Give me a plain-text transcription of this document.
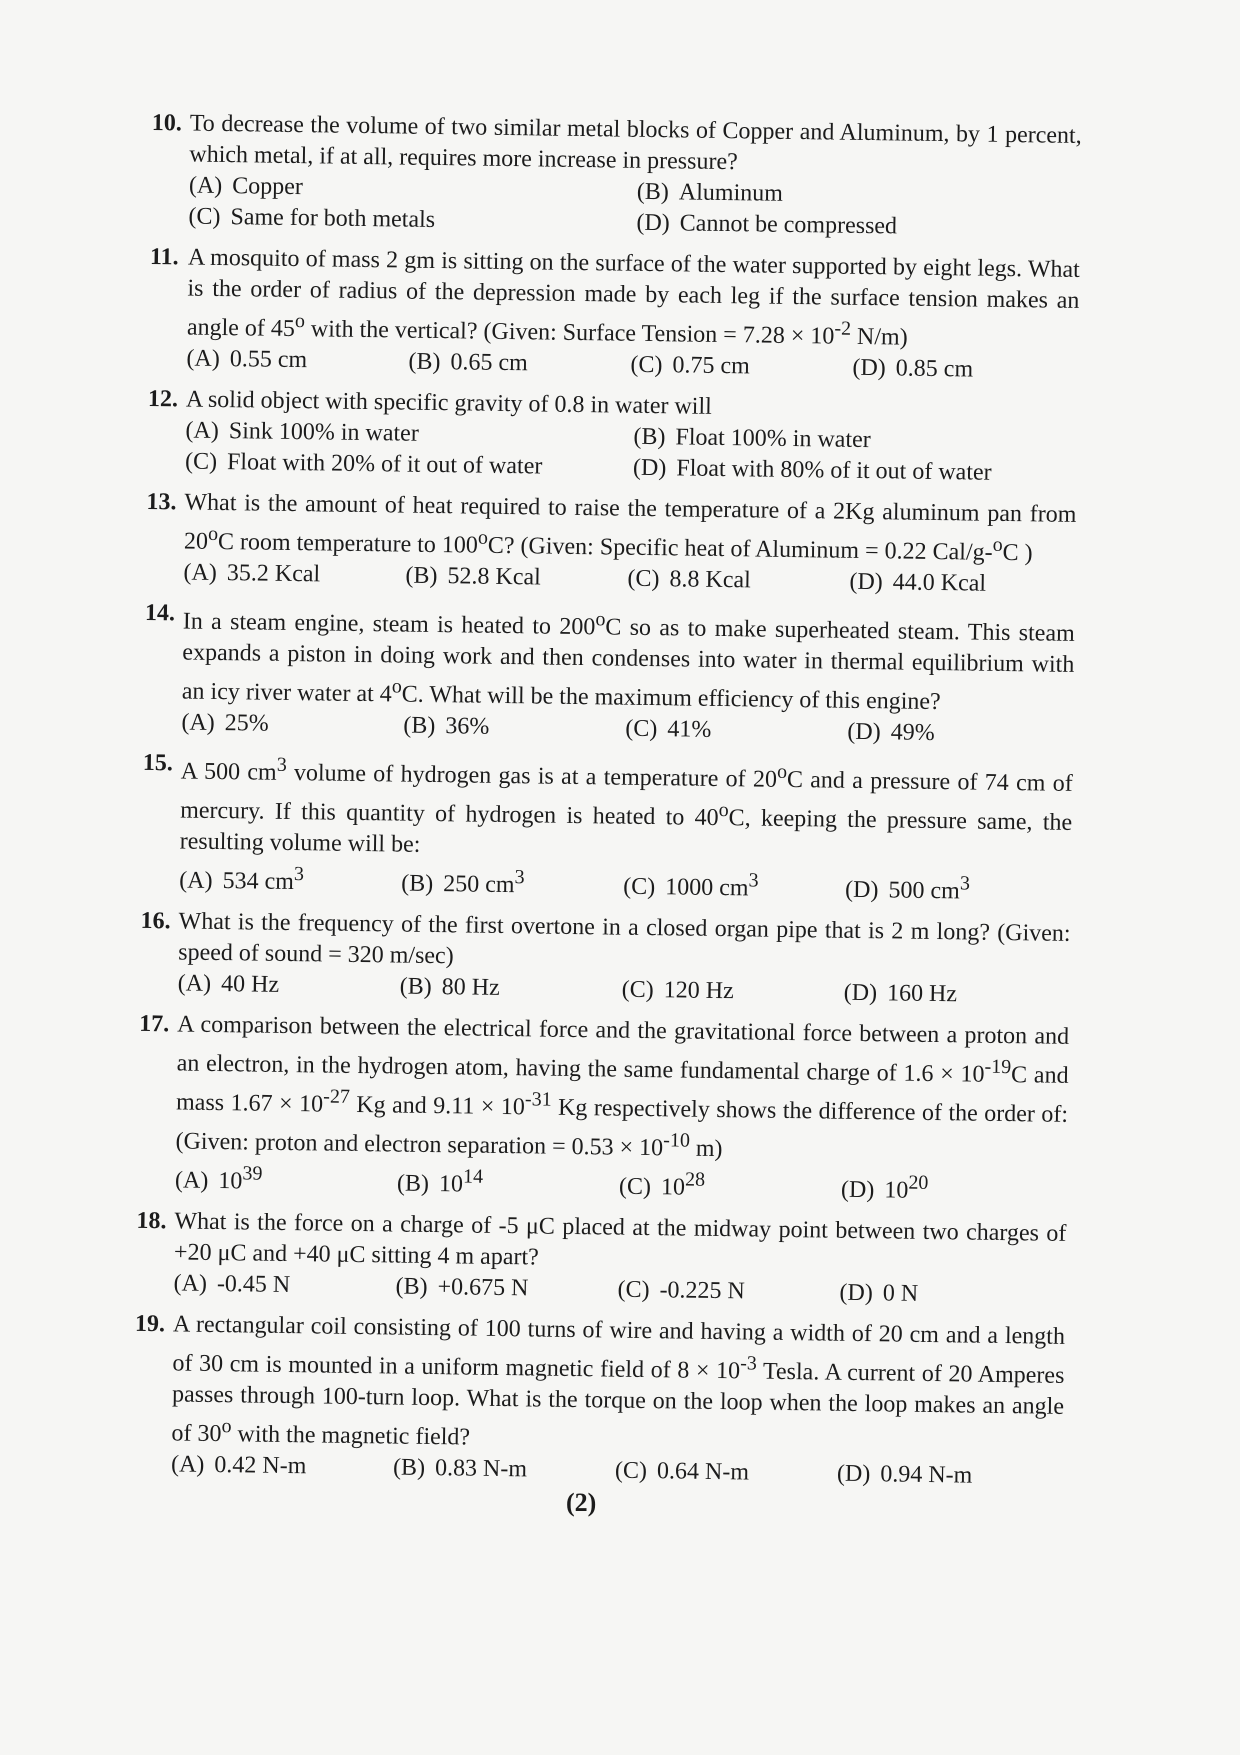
10. To decrease the volume of two similar metal blocks of Copper and Aluminum, by 1 percent, which metal, if at all, requires more increase in pressure?
(A) Copper	(B) Aluminum
(C) Same for both metals	(D) Cannot be compressed
11. A mosquito of mass 2 gm is sitting on the surface of the water supported by eight legs. What is the order of radius of the depression made by each leg if the surface tension makes an angle of 45$^o$ with the vertical? (Given: Surface Tension = $7.28 \times 10^{-2}$ N/m)
(A) 0.55 cm	(B) 0.65 cm	(C) 0.75 cm	(D) 0.85 cm
12. A solid object with specific gravity of 0.8 in water will
(A) Sink 100% in water	(B) Float 100% in water
(C) Float with 20% of it out of water	(D) Float with 80% of it out of water
13. What is the amount of heat required to raise the temperature of a 2Kg aluminum pan from 20$^o$C room temperature to 100$^o$C? (Given: Specific heat of Aluminum = 0.22 Cal/g-$^o$C )
(A) 35.2 Kcal	(B) 52.8 Kcal	(C) 8.8 Kcal	(D) 44.0 Kcal
14. In a steam engine, steam is heated to 200$^o$C so as to make superheated steam. This steam expands a piston in doing work and then condenses into water in thermal equilibrium with an icy river water at 4$^o$C. What will be the maximum efficiency of this engine?
(A) 25%	(B) 36%	(C) 41%	(D) 49%
15. A 500 $cm^3$ volume of hydrogen gas is at a temperature of 20$^o$C and a pressure of 74 cm of mercury. If this quantity of hydrogen is heated to 40$^o$C, keeping the pressure same, the resulting volume will be:
(A) 534 $cm^3$	(B) 250 $cm^3$	(C) 1000 $cm^3$	(D) 500 $cm^3$
16. What is the frequency of the first overtone in a closed organ pipe that is 2 m long? (Given: speed of sound = 320 m/sec)
(A) 40 Hz	(B) 80 Hz	(C) 120 Hz	(D) 160 Hz
17. A comparison between the electrical force and the gravitational force between a proton and an electron, in the hydrogen atom, having the same fundamental charge of $1.6 \times 10^{-19}C$ and mass $1.67 \times 10^{-27}$ Kg and $9.11 \times 10^{-31}$ Kg respectively shows the difference of the order of: (Given: proton and electron separation = $0.53 \times 10^{-10}$ m)
(A) $10^{39}$	(B) $10^{14}$	(C) $10^{28}$	(D) $10^{20}$
18. What is the force on a charge of -5 μC placed at the midway point between two charges of +20 μC and +40 μC sitting 4 m apart?
(A) -0.45 N	(B) +0.675 N	(C) -0.225 N	(D) 0 N
19. A rectangular coil consisting of 100 turns of wire and having a width of 20 cm and a length of 30 cm is mounted in a uniform magnetic field of $8 \times 10^{-3}$ Tesla. A current of 20 Amperes passes through 100-turn loop. What is the torque on the loop when the loop makes an angle of 30$^o$ with the magnetic field?
(A) 0.42 N-m	(B) 0.83 N-m	(C) 0.64 N-m	(D) 0.94 N-m
(2)
